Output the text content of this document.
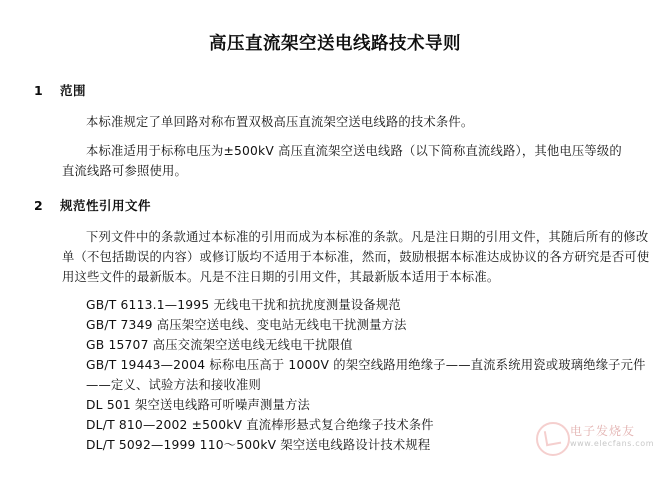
高压直流架空送电线路技术导则
1	范围
本标准规定了单回路对称布置双极高压直流架空送电线路的技术条件。
本标准适用于标称电压为±500kV 高压直流架空送电线路（以下简称直流线路），其他电压等级的直流线路可参照使用。
2	规范性引用文件
下列文件中的条款通过本标准的引用而成为本标准的条款。凡是注日期的引用文件，其随后所有的修改单（不包括勘误的内容）或修订版均不适用于本标准，然而，鼓励根据本标准达成协议的各方研究是否可使用这些文件的最新版本。凡是不注日期的引用文件，其最新版本适用于本标准。
GB/T 6113.1—1995 无线电干扰和抗扰度测量设备规范
GB/T 7349 高压架空送电线、变电站无线电干扰测量方法
GB 15707 高压交流架空送电线无线电干扰限值
GB/T 19443—2004 标称电压高于 1000V 的架空线路用绝缘子——直流系统用瓷或玻璃绝缘子元件——定义、试验方法和接收准则
DL 501 架空送电线路可听噪声测量方法
DL/T 810—2002 ±500kV 直流棒形悬式复合绝缘子技术条件
DL/T 5092—1999 110～500kV 架空送电线路设计技术规程
电子发烧友
www.elecfans.com
